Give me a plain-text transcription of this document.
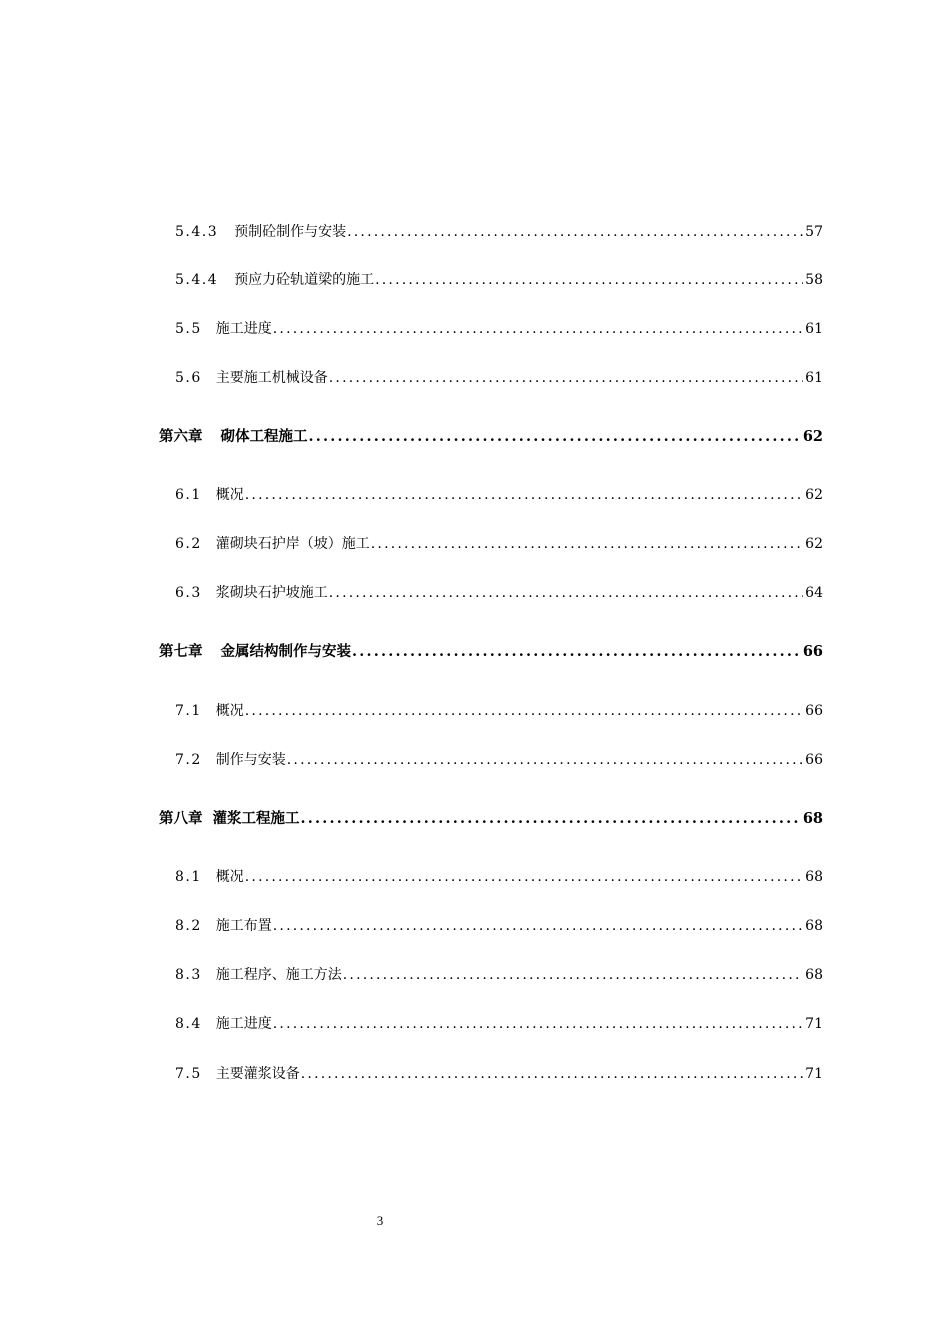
5.4.3 预制砼制作与安装 .....	57
5.4.4 预应力砼轨道梁的施工 .....	58
5.5 施工进度 .....	61
5.6 主要施工机械设备 .....	61
第六章 砌体工程施工 .....	62
6.1 概况 .....	62
6.2 灌砌块石护岸（坡）施工 .....	62
6.3 浆砌块石护坡施工 .....	64
第七章 金属结构制作与安装 .....	66
7.1 概况 .....	66
7.2 制作与安装 .....	66
第八章 灌浆工程施工 .....	68
8.1 概况 .....	68
8.2 施工布置 .....	68
8.3 施工程序、施工方法 .....	68
8.4 施工进度 .....	71
7.5 主要灌浆设备 .....	71
3
